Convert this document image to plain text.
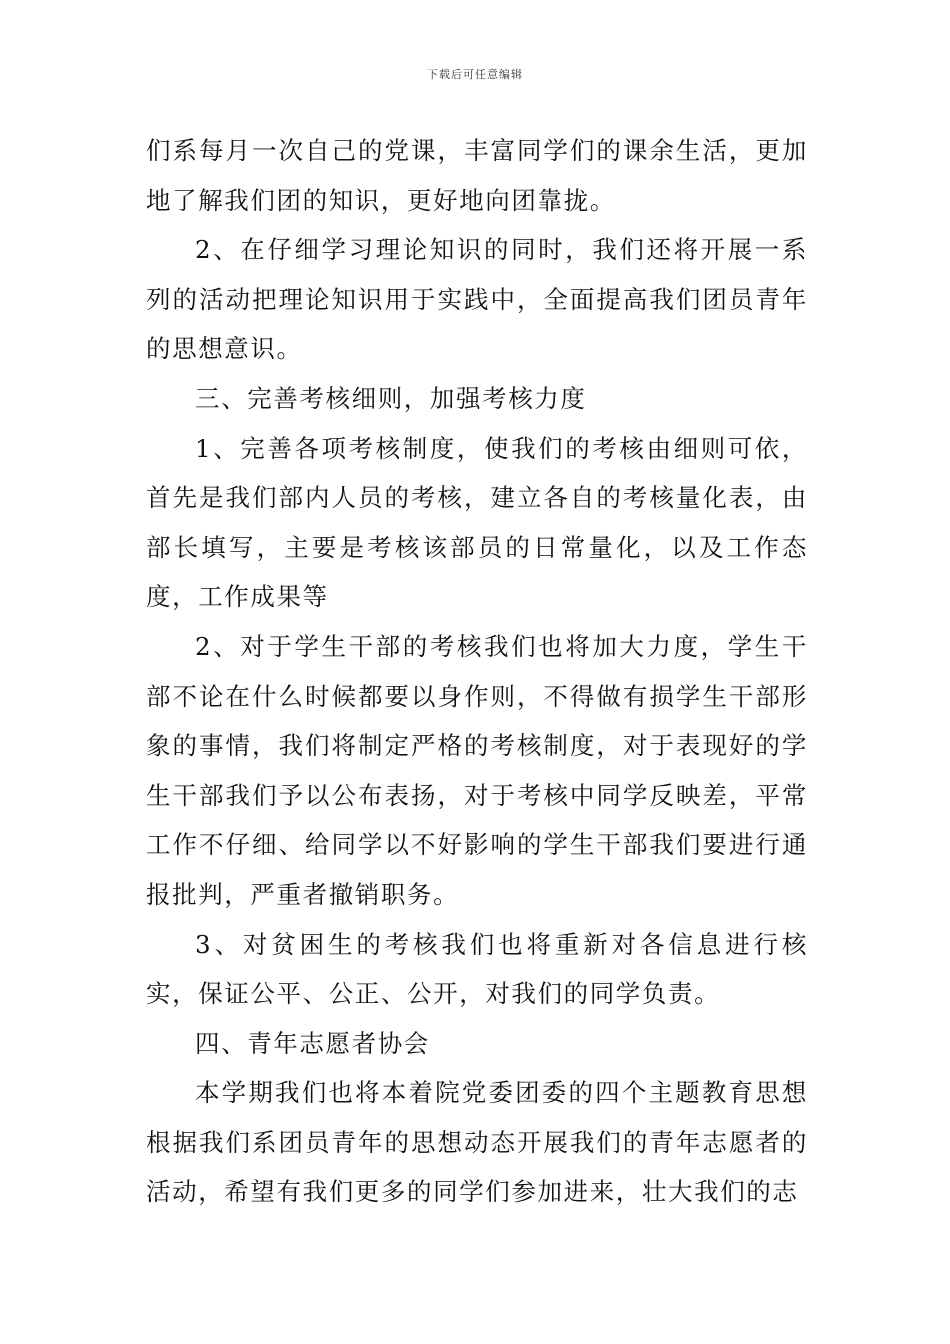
下载后可任意编辑

们系每月一次自己的党课，丰富同学们的课余生活，更加地了解我们团的知识，更好地向团靠拢。

2、在仔细学习理论知识的同时，我们还将开展一系列的活动把理论知识用于实践中，全面提高我们团员青年的思想意识。

三、完善考核细则，加强考核力度

1、完善各项考核制度，使我们的考核由细则可依，首先是我们部内人员的考核，建立各自的考核量化表，由部长填写，主要是考核该部员的日常量化，以及工作态度，工作成果等

2、对于学生干部的考核我们也将加大力度，学生干部不论在什么时候都要以身作则，不得做有损学生干部形象的事情，我们将制定严格的考核制度，对于表现好的学生干部我们予以公布表扬，对于考核中同学反映差，平常工作不仔细、给同学以不好影响的学生干部我们要进行通报批判，严重者撤销职务。

3、对贫困生的考核我们也将重新对各信息进行核实，保证公平、公正、公开，对我们的同学负责。

四、青年志愿者协会

本学期我们也将本着院党委团委的四个主题教育思想根据我们系团员青年的思想动态开展我们的青年志愿者的活动，希望有我们更多的同学们参加进来，壮大我们的志
